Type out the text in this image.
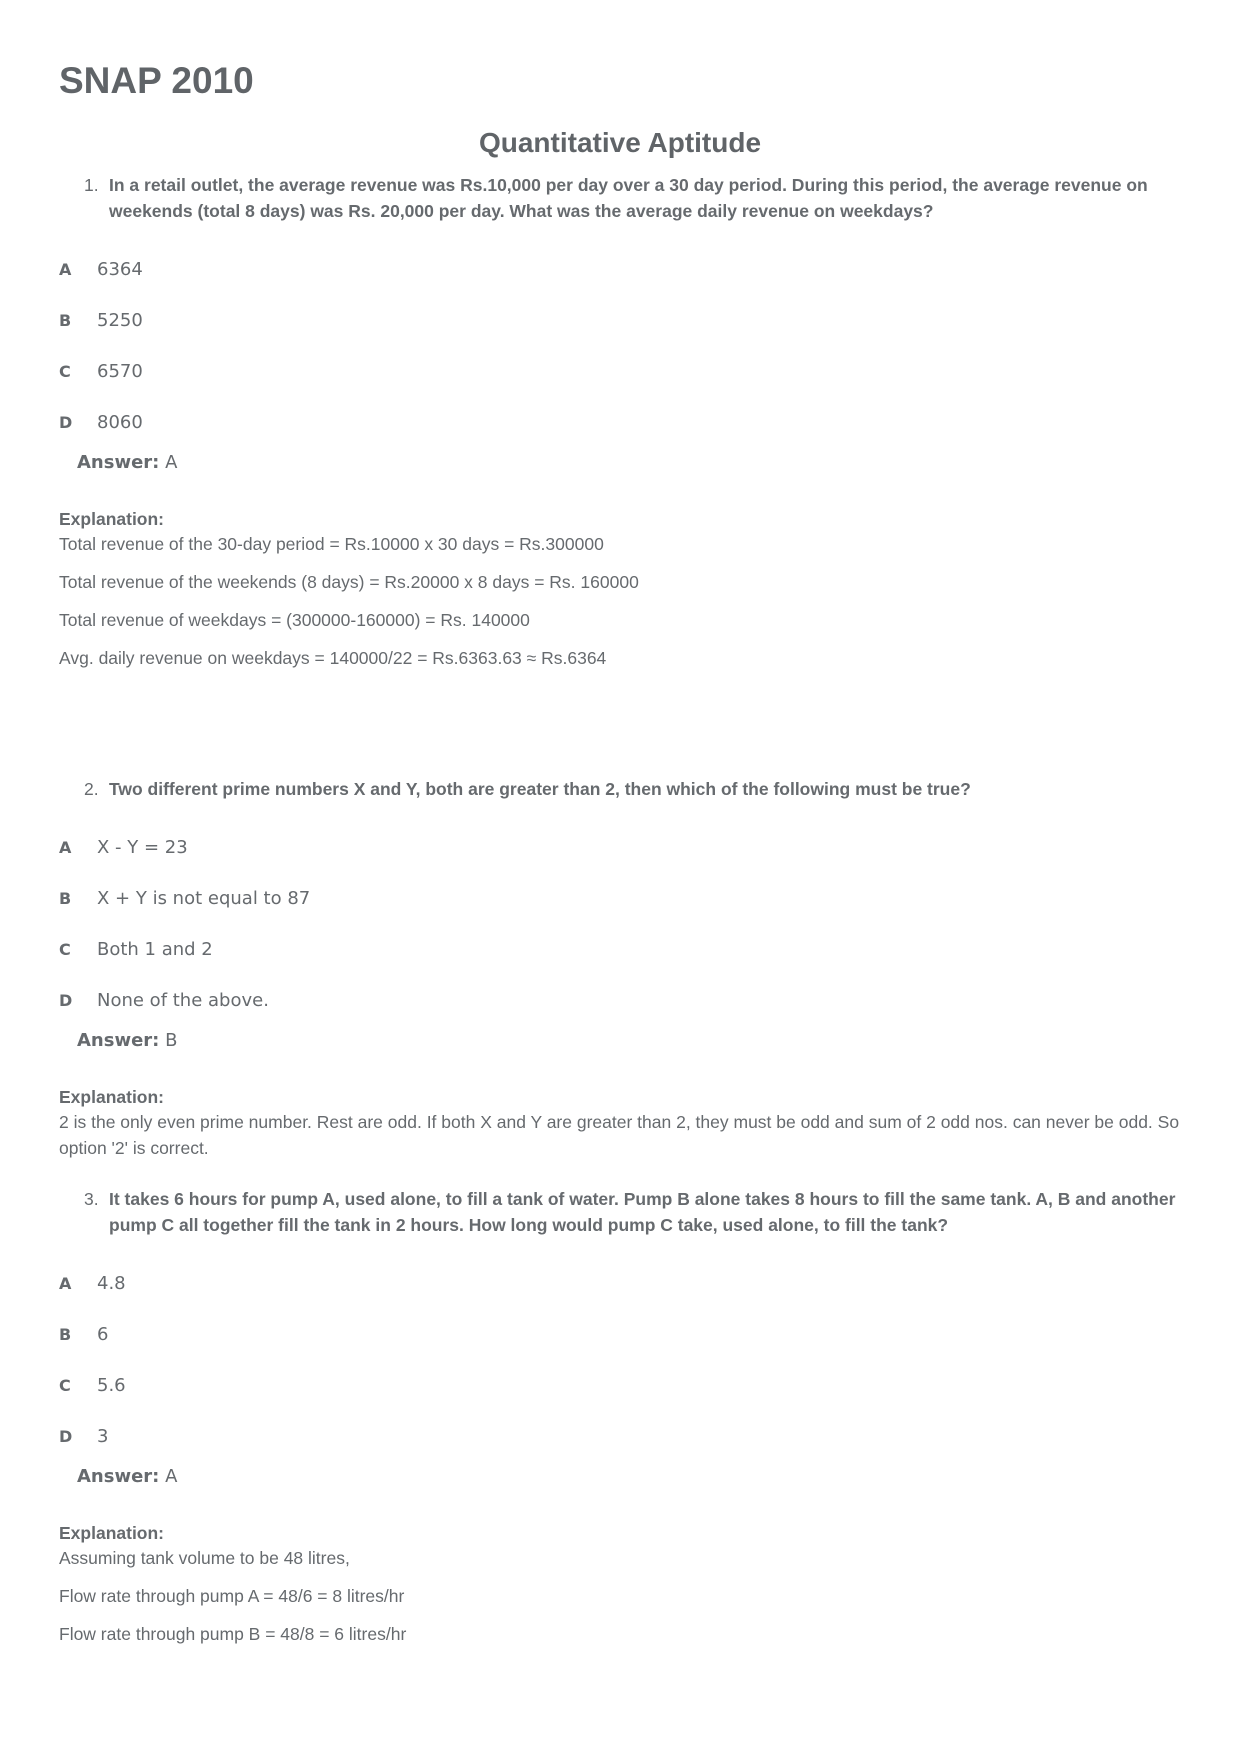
SNAP 2010
Quantitative Aptitude
1. In a retail outlet, the average revenue was Rs.10,000 per day over a 30 day period. During this period, the average revenue on weekends (total 8 days) was Rs. 20,000 per day. What was the average daily revenue on weekdays?
A 6364
B 5250
C 6570
D 8060
Answer: A
Explanation:
Total revenue of the 30-day period = Rs.10000 x 30 days = Rs.300000
Total revenue of the weekends (8 days) = Rs.20000 x 8 days = Rs. 160000
Total revenue of weekdays = (300000-160000) = Rs. 140000
Avg. daily revenue on weekdays = 140000/22 = Rs.6363.63 ≈ Rs.6364
2. Two different prime numbers X and Y, both are greater than 2, then which of the following must be true?
A X - Y = 23
B X + Y is not equal to 87
C Both 1 and 2
D None of the above.
Answer: B
Explanation:
2 is the only even prime number. Rest are odd. If both X and Y are greater than 2, they must be odd and sum of 2 odd nos. can never be odd. So option '2' is correct.
3. It takes 6 hours for pump A, used alone, to fill a tank of water. Pump B alone takes 8 hours to fill the same tank. A, B and another pump C all together fill the tank in 2 hours. How long would pump C take, used alone, to fill the tank?
A 4.8
B 6
C 5.6
D 3
Answer: A
Explanation:
Assuming tank volume to be 48 litres,
Flow rate through pump A = 48/6 = 8 litres/hr
Flow rate through pump B = 48/8 = 6 litres/hr
